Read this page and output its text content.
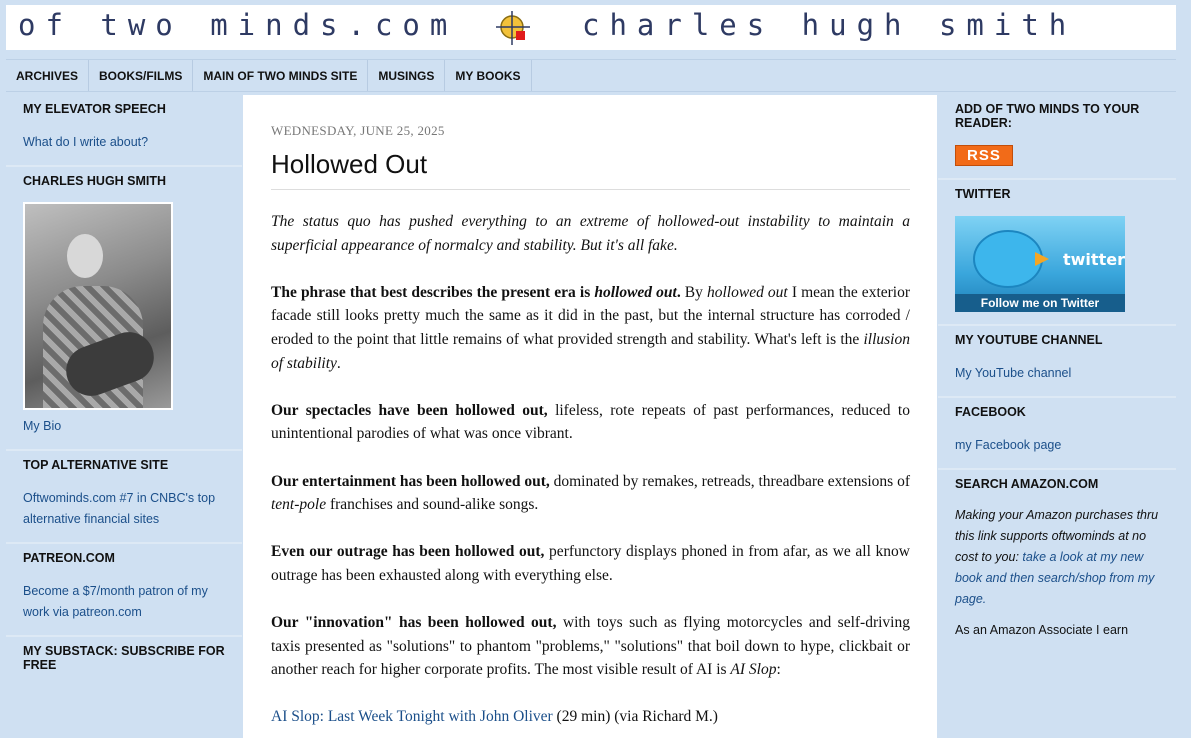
of two minds.com	charles hugh smith
ARCHIVES	BOOKS/FILMS	MAIN OF TWO MINDS SITE	MUSINGS	MY BOOKS
MY ELEVATOR SPEECH
What do I write about?
CHARLES HUGH SMITH
My Bio
TOP ALTERNATIVE SITE
Oftwominds.com #7 in CNBC's top alternative financial sites
PATREON.COM
Become a $7/month patron of my work via patreon.com
MY SUBSTACK: SUBSCRIBE FOR FREE
WEDNESDAY, JUNE 25, 2025
Hollowed Out

The status quo has pushed everything to an extreme of hollowed-out instability to maintain a superficial appearance of normalcy and stability. But it's all fake.

The phrase that best describes the present era is hollowed out. By hollowed out I mean the exterior facade still looks pretty much the same as it did in the past, but the internal structure has corroded / eroded to the point that little remains of what provided strength and stability. What's left is the illusion of stability.

Our spectacles have been hollowed out, lifeless, rote repeats of past performances, reduced to unintentional parodies of what was once vibrant.

Our entertainment has been hollowed out, dominated by remakes, retreads, threadbare extensions of tent-pole franchises and sound-alike songs.

Even our outrage has been hollowed out, perfunctory displays phoned in from afar, as we all know outrage has been exhausted along with everything else.

Our "innovation" has been hollowed out, with toys such as flying motorcycles and self-driving taxis presented as "solutions" to phantom "problems," "solutions" that boil down to hype, clickbait or another reach for higher corporate profits. The most visible result of AI is AI Slop:

AI Slop: Last Week Tonight with John Oliver (29 min) (via Richard M.)

ADD OF TWO MINDS TO YOUR READER:
RSS
TWITTER
twitter
Follow me on Twitter
MY YOUTUBE CHANNEL
My YouTube channel
FACEBOOK
my Facebook page
SEARCH AMAZON.COM
Making your Amazon purchases thru this link supports oftwominds at no cost to you: take a look at my new book and then search/shop from my page.
As an Amazon Associate I earn
